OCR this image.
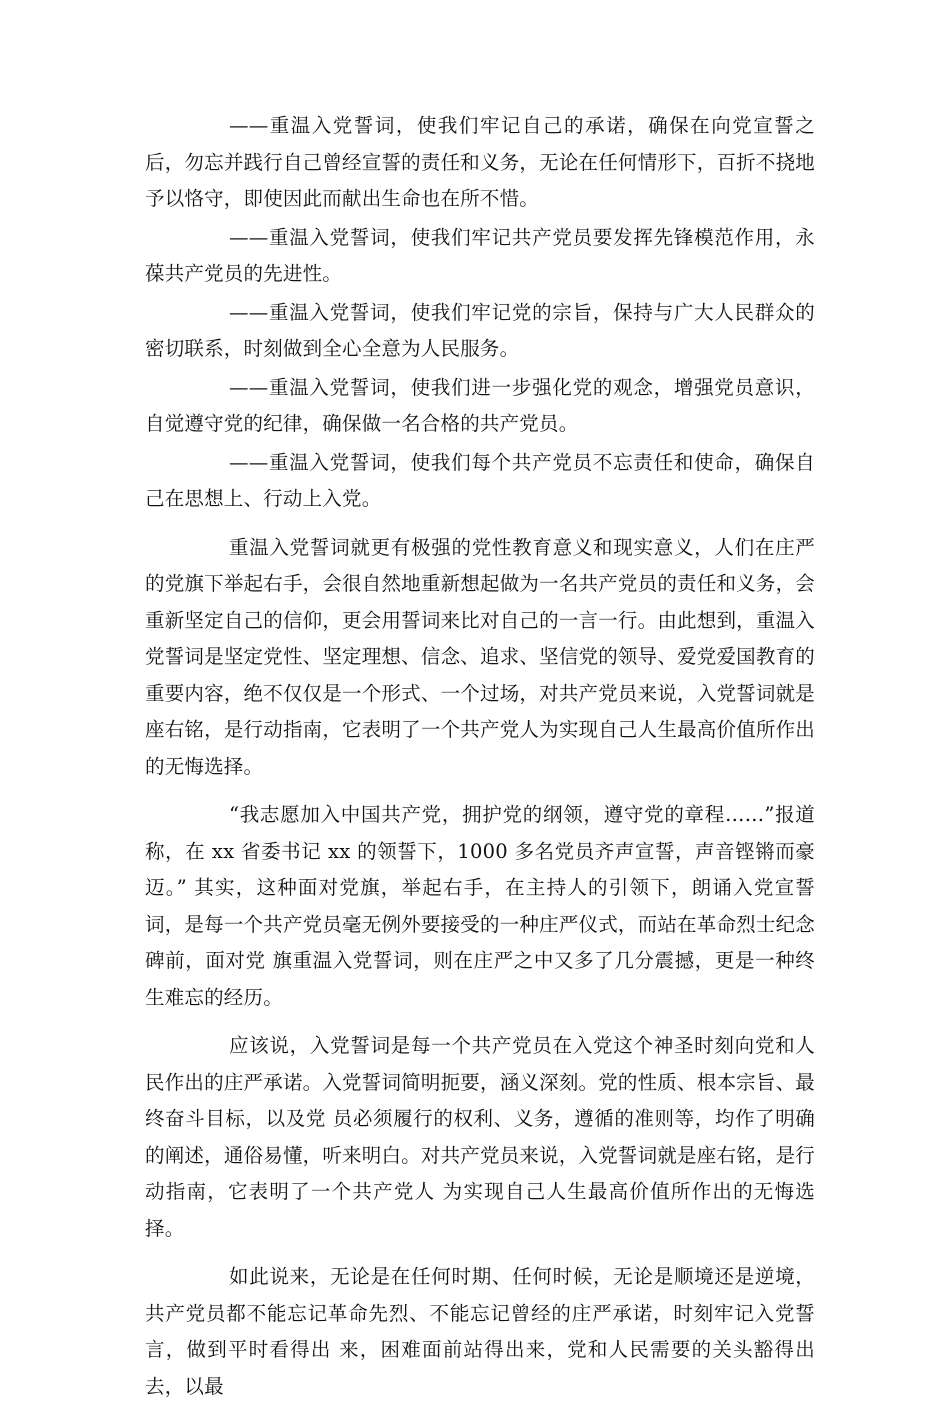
——重温入党誓词，使我们牢记自己的承诺，确保在向党宣誓之后，勿忘并践行自己曾经宣誓的责任和义务，无论在任何情形下，百折不挠地予以恪守，即使因此而献出生命也在所不惜。

——重温入党誓词，使我们牢记共产党员要发挥先锋模范作用，永葆共产党员的先进性。

——重温入党誓词，使我们牢记党的宗旨，保持与广大人民群众的密切联系，时刻做到全心全意为人民服务。

——重温入党誓词，使我们进一步强化党的观念，增强党员意识，自觉遵守党的纪律，确保做一名合格的共产党员。

——重温入党誓词，使我们每个共产党员不忘责任和使命，确保自己在思想上、行动上入党。

重温入党誓词就更有极强的党性教育意义和现实意义，人们在庄严的党旗下举起右手，会很自然地重新想起做为一名共产党员的责任和义务，会重新坚定自己的信仰，更会用誓词来比对自己的一言一行。由此想到，重温入党誓词是坚定党性、坚定理想、信念、追求、坚信党的领导、爱党爱国教育的重要内容，绝不仅仅是一个形式、一个过场，对共产党员来说，入党誓词就是座右铭，是行动指南，它表明了一个共产党人为实现自己人生最高价值所作出的无悔选择。

“我志愿加入中国共产党，拥护党的纲领，遵守党的章程……”报道称，在 xx 省委书记 xx 的领誓下，1000 多名党员齐声宣誓，声音铿锵而豪迈。” 其实，这种面对党旗，举起右手，在主持人的引领下，朗诵入党宣誓词，是每一个共产党员毫无例外要接受的一种庄严仪式，而站在革命烈士纪念碑前，面对党 旗重温入党誓词，则在庄严之中又多了几分震撼，更是一种终生难忘的经历。

应该说，入党誓词是每一个共产党员在入党这个神圣时刻向党和人民作出的庄严承诺。入党誓词简明扼要，涵义深刻。党的性质、根本宗旨、最终奋斗目标，以及党 员必须履行的权利、义务，遵循的准则等，均作了明确的阐述，通俗易懂，听来明白。对共产党员来说，入党誓词就是座右铭，是行动指南，它表明了一个共产党人 为实现自己人生最高价值所作出的无悔选择。

如此说来，无论是在任何时期、任何时候，无论是顺境还是逆境，共产党员都不能忘记革命先烈、不能忘记曾经的庄严承诺，时刻牢记入党誓言，做到平时看得出 来，困难面前站得出来，党和人民需要的关头豁得出去，以最
